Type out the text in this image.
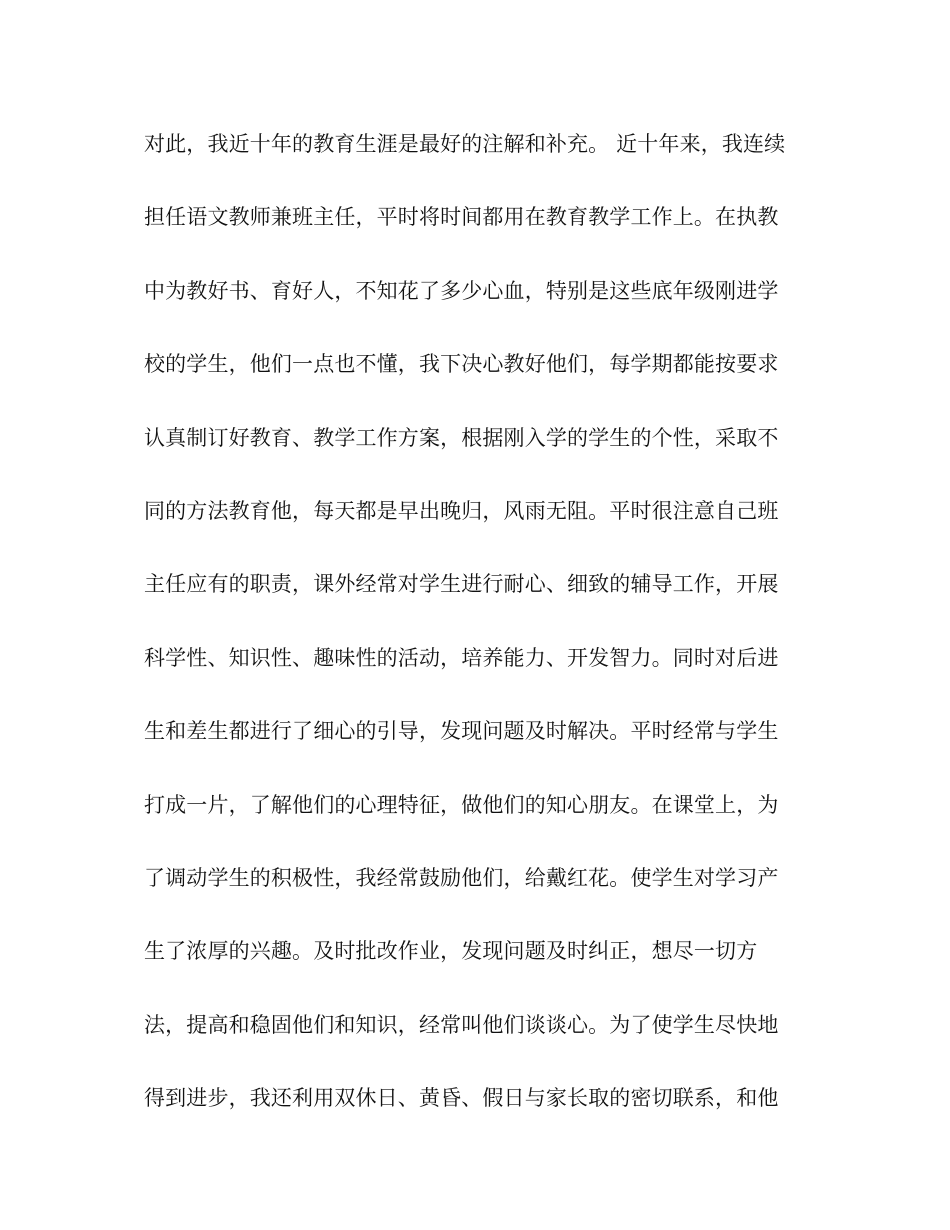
对此，我近十年的教育生涯是最好的注解和补充。 近十年来，我连续
担任语文教师兼班主任，平时将时间都用在教育教学工作上。在执教
中为教好书、育好人，不知花了多少心血，特别是这些底年级刚进学
校的学生，他们一点也不懂，我下决心教好他们，每学期都能按要求
认真制订好教育、教学工作方案，根据刚入学的学生的个性，采取不
同的方法教育他，每天都是早出晚归，风雨无阻。平时很注意自己班
主任应有的职责，课外经常对学生进行耐心、细致的辅导工作，开展
科学性、知识性、趣味性的活动，培养能力、开发智力。同时对后进
生和差生都进行了细心的引导，发现问题及时解决。平时经常与学生
打成一片，了解他们的心理特征，做他们的知心朋友。在课堂上，为
了调动学生的积极性，我经常鼓励他们，给戴红花。使学生对学习产
生了浓厚的兴趣。及时批改作业，发现问题及时纠正，想尽一切方
法，提高和稳固他们和知识，经常叫他们谈谈心。为了使学生尽快地
得到进步，我还利用双休日、黄昏、假日与家长取的密切联系，和他
